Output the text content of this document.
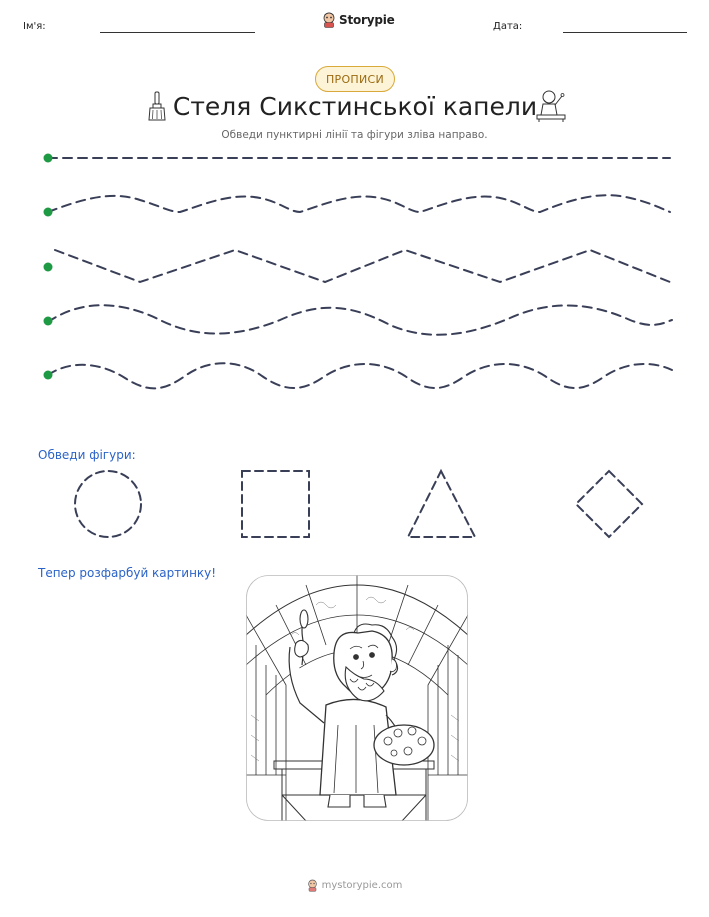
Ім'я:	Storypie	Дата:
ПРОПИСИ
Стеля Сикстинської капели
Обведи пунктирні лінії та фігури зліва направо.
Обведи фігури:
Тепер розфарбуй картинку!
mystorypie.com
